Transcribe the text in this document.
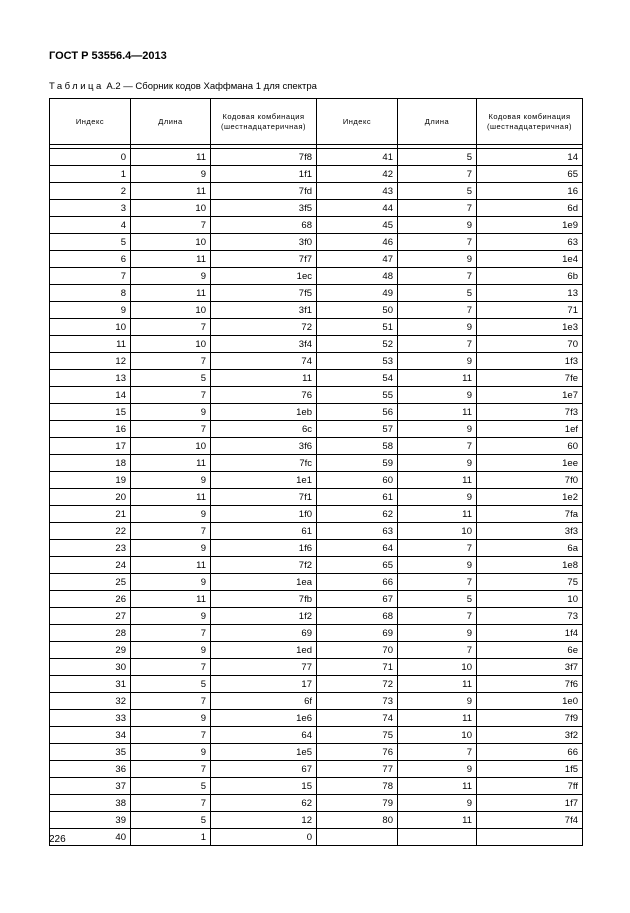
ГОСТ Р 53556.4—2013
Таблица А.2 — Сборник кодов Хаффмана 1 для спектра
Индекс	Длина	Кодовая комбинация (шестнадцатеричная)	Индекс	Длина	Кодовая комбинация (шестнадцатеричная)

0	11	7f8	41	5	14
1	9	1f1	42	7	65
2	11	7fd	43	5	16
3	10	3f5	44	7	6d
4	7	68	45	9	1e9
5	10	3f0	46	7	63
6	11	7f7	47	9	1e4
7	9	1ec	48	7	6b
8	11	7f5	49	5	13
9	10	3f1	50	7	71
10	7	72	51	9	1e3
11	10	3f4	52	7	70
12	7	74	53	9	1f3
13	5	11	54	11	7fe
14	7	76	55	9	1e7
15	9	1eb	56	11	7f3
16	7	6c	57	9	1ef
17	10	3f6	58	7	60
18	11	7fc	59	9	1ee
19	9	1e1	60	11	7f0
20	11	7f1	61	9	1e2
21	9	1f0	62	11	7fa
22	7	61	63	10	3f3
23	9	1f6	64	7	6a
24	11	7f2	65	9	1e8
25	9	1ea	66	7	75
26	11	7fb	67	5	10
27	9	1f2	68	7	73
28	7	69	69	9	1f4
29	9	1ed	70	7	6e
30	7	77	71	10	3f7
31	5	17	72	11	7f6
32	7	6f	73	9	1e0
33	9	1e6	74	11	7f9
34	7	64	75	10	3f2
35	9	1e5	76	7	66
36	7	67	77	9	1f5
37	5	15	78	11	7ff
38	7	62	79	9	1f7
39	5	12	80	11	7f4
40	1	0			
226
